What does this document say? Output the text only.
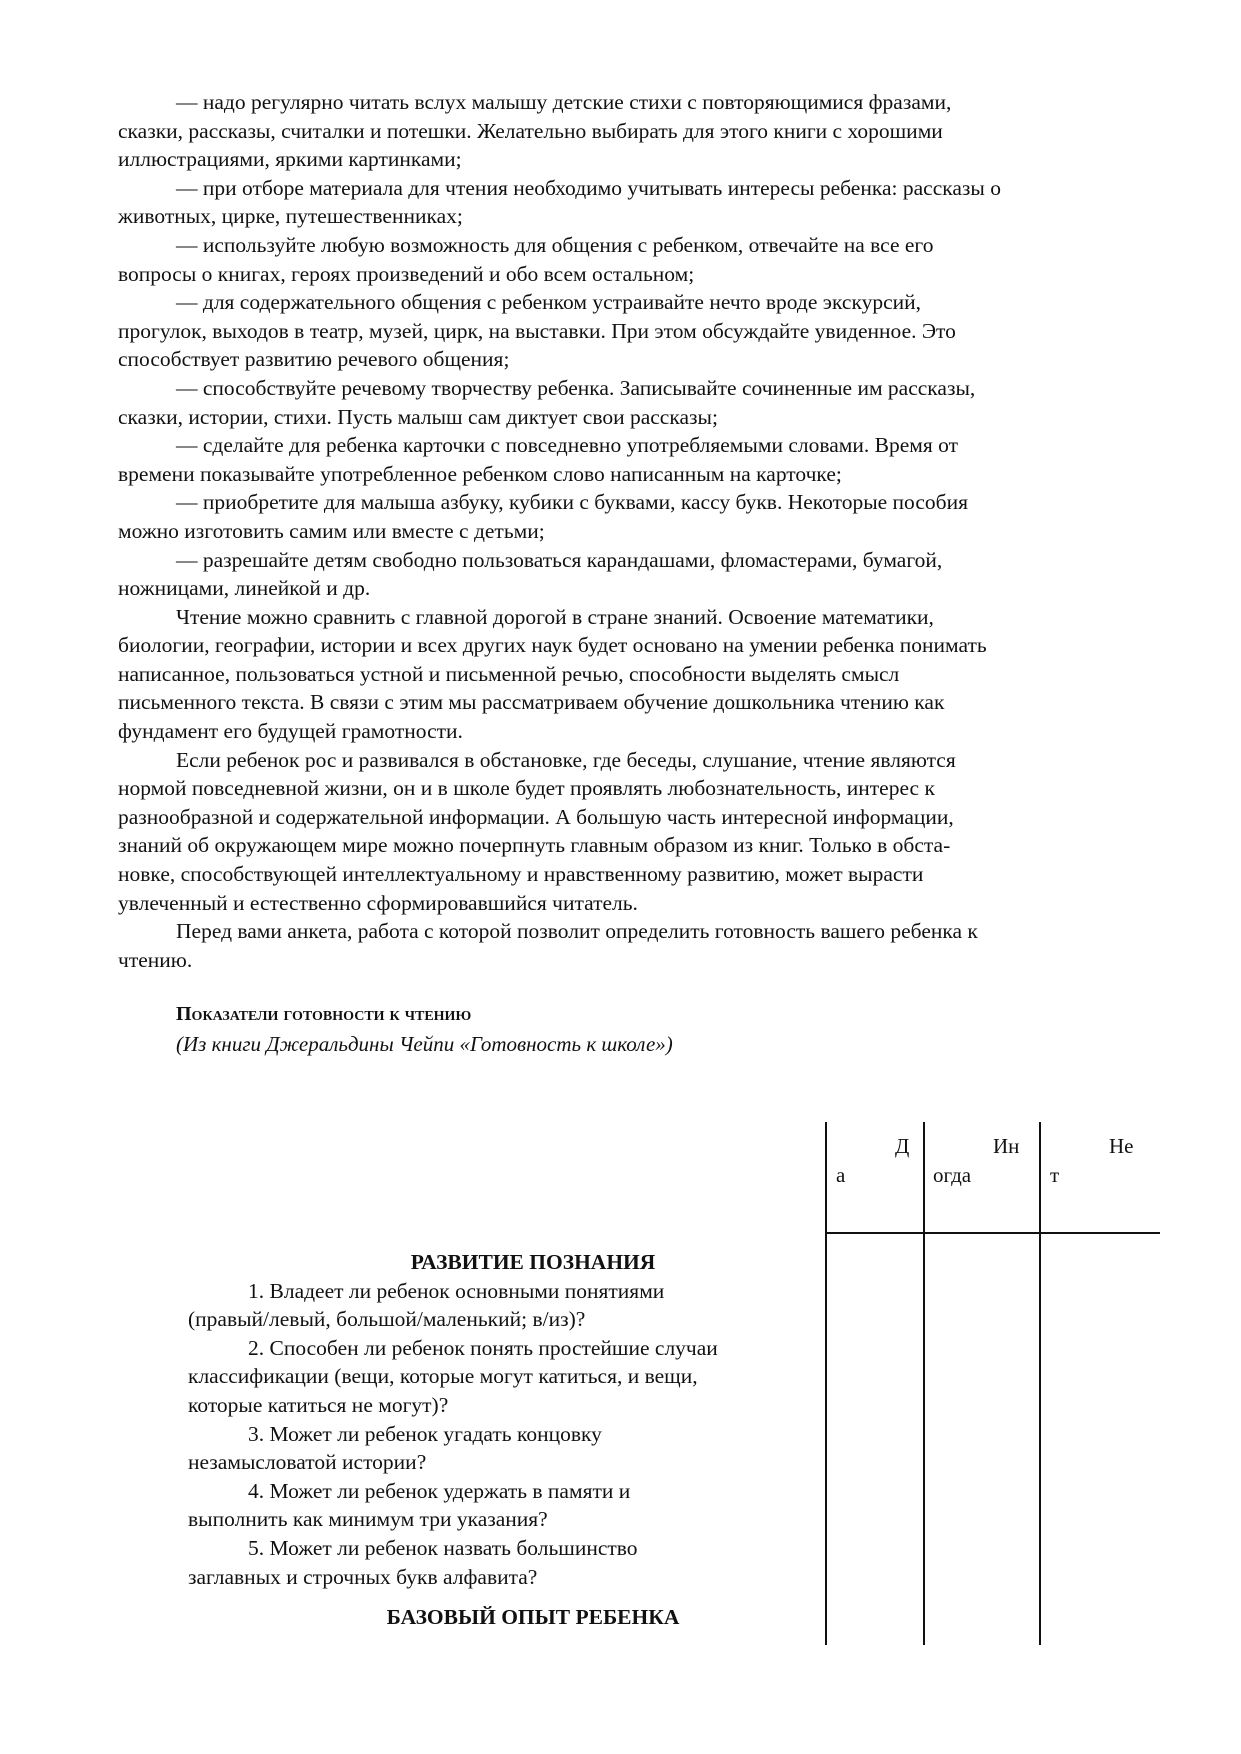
— надо регулярно читать вслух малышу детские стихи с повторяющимися фразами,
сказки, рассказы, считалки и потешки. Желательно выбирать для этого книги с хорошими
иллюстрациями, яркими картинками;
— при отборе материала для чтения необходимо учитывать интересы ребенка: рассказы о
животных, цирке, путешественниках;
— используйте любую возможность для общения с ребенком, отвечайте на все его
вопросы о книгах, героях произведений и обо всем остальном;
— для содержательного общения с ребенком устраивайте нечто вроде экскурсий,
прогулок, выходов в театр, музей, цирк, на выставки. При этом обсуждайте увиденное. Это
способствует развитию речевого общения;
— способствуйте речевому творчеству ребенка. Записывайте сочиненные им рассказы,
сказки, истории, стихи. Пусть малыш сам диктует свои рассказы;
— сделайте для ребенка карточки с повседневно употребляемыми словами. Время от
времени показывайте употребленное ребенком слово написанным на карточке;
— приобретите для малыша азбуку, кубики с буквами, кассу букв. Некоторые пособия
можно изготовить самим или вместе с детьми;
— разрешайте детям свободно пользоваться карандашами, фломастерами, бумагой,
ножницами, линейкой и др.
Чтение можно сравнить с главной дорогой в стране знаний. Освоение математики,
биологии, географии, истории и всех других наук будет основано на умении ребенка понимать
написанное, пользоваться устной и письменной речью, способности выделять смысл
письменного текста. В связи с этим мы рассматриваем обучение дошкольника чтению как
фундамент его будущей грамотности.
Если ребенок рос и развивался в обстановке, где беседы, слушание, чтение являются
нормой повседневной жизни, он и в школе будет проявлять любознательность, интерес к
разнообразной и содержательной информации. А большую часть интересной информации,
знаний об окружающем мире можно почерпнуть главным образом из книг. Только в обста-
новке, способствующей интеллектуальному и нравственному развитию, может вырасти
увлеченный и естественно сформировавшийся читатель.
Перед вами анкета, работа с которой позволит определить готовность вашего ребенка к
чтению.
Показатели готовности к чтению
(Из книги Джеральдины Чейпи «Готовность к школе»)
Д
а
Ин
огда
Не
т
РАЗВИТИЕ ПОЗНАНИЯ
1. Владеет ли ребенок основными понятиями
(правый/левый, большой/маленький; в/из)?
2. Способен ли ребенок понять простейшие случаи
классификации (вещи, которые могут катиться, и вещи,
которые катиться не могут)?
3. Может ли ребенок угадать концовку
незамысловатой истории?
4. Может ли ребенок удержать в памяти и
выполнить как минимум три указания?
5. Может ли ребенок назвать большинство
заглавных и строчных букв алфавита?
БАЗОВЫЙ ОПЫТ РЕБЕНКА
